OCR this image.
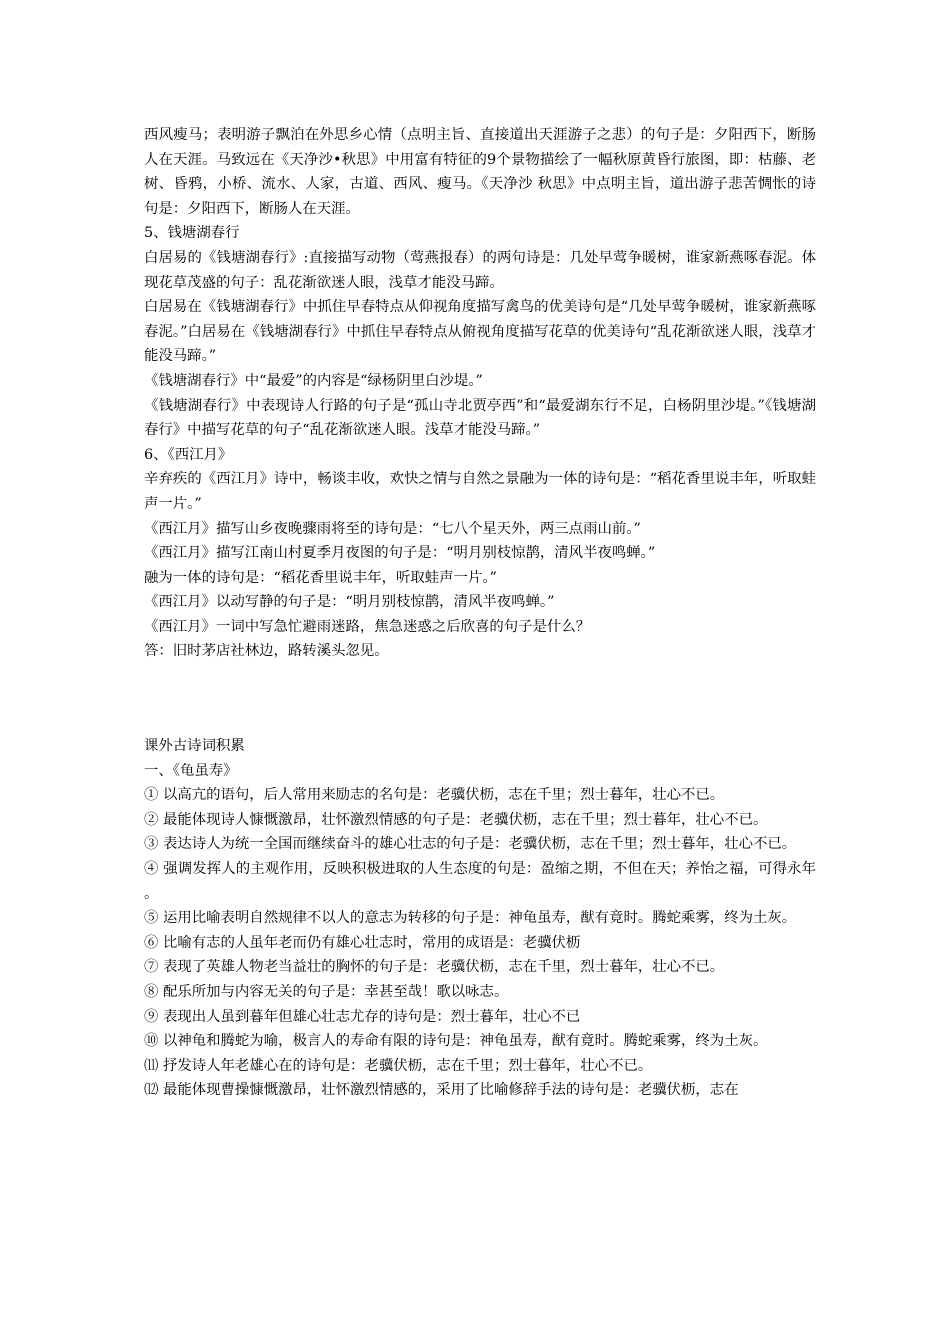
西风瘦马；表明游子飘泊在外思乡心情（点明主旨、直接道出天涯游子之悲）的句子是：夕阳西下，断肠人在天涯。马致远在《天净沙•秋思》中用富有特征的9个景物描绘了一幅秋原黄昏行旅图，即：枯藤、老树、昏鸦，小桥、流水、人家，古道、西风、瘦马。《天净沙 秋思》中点明主旨，道出游子悲苦惆怅的诗句是：夕阳西下，断肠人在天涯。

5、钱塘湖春行

白居易的《钱塘湖春行》:直接描写动物（莺燕报春）的两句诗是：几处早莺争暖树，谁家新燕啄春泥。体现花草茂盛的句子：乱花渐欲迷人眼，浅草才能没马蹄。

白居易在《钱塘湖春行》中抓住早春特点从仰视角度描写禽鸟的优美诗句是“几处早莺争暖树，谁家新燕啄春泥。”白居易在《钱塘湖春行》中抓住早春特点从俯视角度描写花草的优美诗句“乱花渐欲迷人眼，浅草才能没马蹄。”

《钱塘湖春行》中“最爱”的内容是“绿杨阴里白沙堤。”

《钱塘湖春行》中表现诗人行路的句子是“孤山寺北贾亭西”和“最爱湖东行不足，白杨阴里沙堤。”《钱塘湖春行》中描写花草的句子“乱花渐欲迷人眼。浅草才能没马蹄。”

6、《西江月》

辛弃疾的《西江月》诗中，畅谈丰收，欢快之情与自然之景融为一体的诗句是：“稻花香里说丰年，听取蛙声一片。”

《西江月》描写山乡夜晚骤雨将至的诗句是：“七八个星天外，两三点雨山前。”

《西江月》描写江南山村夏季月夜图的句子是：“明月别枝惊鹊，清风半夜鸣蝉。”

融为一体的诗句是：“稻花香里说丰年，听取蛙声一片。”

《西江月》以动写静的句子是：“明月别枝惊鹊，清风半夜鸣蝉。”

《西江月》一词中写急忙避雨迷路，焦急迷惑之后欣喜的句子是什么？

答：旧时茅店社林边，路转溪头忽见。

课外古诗词积累

一、《龟虽寿》

① 以高亢的语句，后人常用来励志的名句是：老骥伏枥，志在千里；烈士暮年，壮心不已。

② 最能体现诗人慷慨激昂，壮怀激烈情感的句子是：老骥伏枥，志在千里；烈士暮年，壮心不已。

③ 表达诗人为统一全国而继续奋斗的雄心壮志的句子是：老骥伏枥，志在千里；烈士暮年，壮心不已。

④ 强调发挥人的主观作用，反映积极进取的人生态度的句是：盈缩之期，不但在天；养怡之福，可得永年。

⑤ 运用比喻表明自然规律不以人的意志为转移的句子是：神龟虽寿，猷有竟时。腾蛇乘雾，终为土灰。

⑥ 比喻有志的人虽年老而仍有雄心壮志时，常用的成语是：老骥伏枥

⑦ 表现了英雄人物老当益壮的胸怀的句子是：老骥伏枥，志在千里，烈士暮年，壮心不已。

⑧ 配乐所加与内容无关的句子是：幸甚至哉！歌以咏志。

⑨ 表现出人虽到暮年但雄心壮志尤存的诗句是：烈士暮年，壮心不已

⑩ 以神龟和腾蛇为喻，极言人的寿命有限的诗句是：神龟虽寿，猷有竟时。腾蛇乘雾，终为土灰。

⑾ 抒发诗人年老雄心在的诗句是：老骥伏枥，志在千里；烈士暮年，壮心不已。

⑿ 最能体现曹操慷慨激昂，壮怀激烈情感的，采用了比喻修辞手法的诗句是：老骥伏枥，志在
